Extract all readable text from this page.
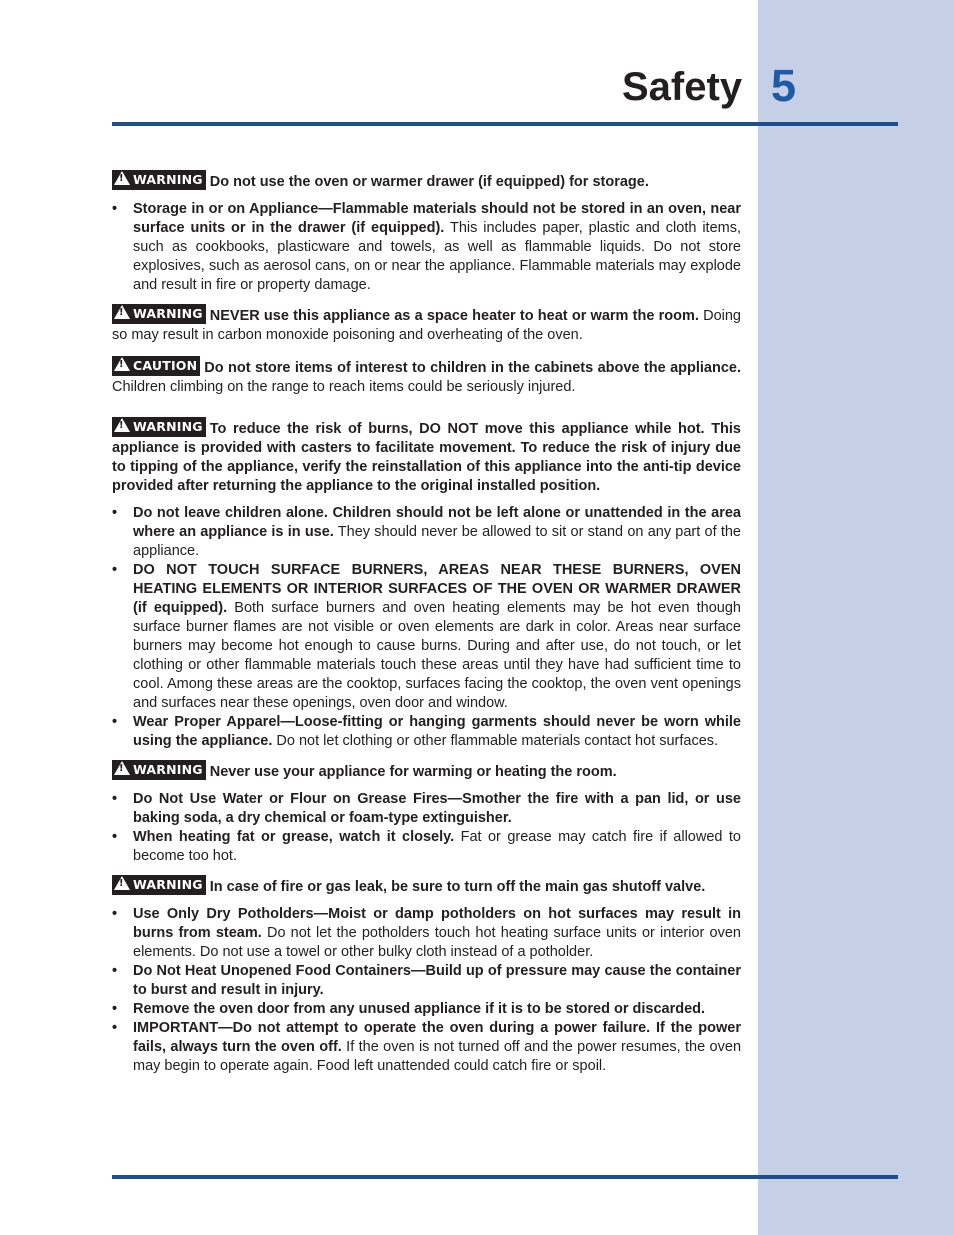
Safety 5

!WARNING Do not use the oven or warmer drawer (if equipped) for storage.

• Storage in or on Appliance—Flammable materials should not be stored in an oven, near surface units or in the drawer (if equipped). This includes paper, plastic and cloth items, such as cookbooks, plasticware and towels, as well as flammable liquids. Do not store explosives, such as aerosol cans, on or near the appliance. Flammable materials may explode and result in fire or property damage.

!WARNING NEVER use this appliance as a space heater to heat or warm the room. Doing so may result in carbon monoxide poisoning and overheating of the oven.

!CAUTION Do not store items of interest to children in the cabinets above the appliance. Children climbing on the range to reach items could be seriously injured.

!WARNING To reduce the risk of burns, DO NOT move this appliance while hot. This appliance is provided with casters to facilitate movement. To reduce the risk of injury due to tipping of the appliance, verify the reinstallation of this appliance into the anti-tip device provided after returning the appliance to the original installed position.

• Do not leave children alone. Children should not be left alone or unattended in the area where an appliance is in use. They should never be allowed to sit or stand on any part of the appliance.
• DO NOT TOUCH SURFACE BURNERS, AREAS NEAR THESE BURNERS, OVEN HEATING ELEMENTS OR INTERIOR SURFACES OF THE OVEN OR WARMER DRAWER (if equipped). Both surface burners and oven heating elements may be hot even though surface burner flames are not visible or oven elements are dark in color. Areas near surface burners may become hot enough to cause burns. During and after use, do not touch, or let clothing or other flammable materials touch these areas until they have had sufficient time to cool. Among these areas are the cooktop, surfaces facing the cooktop, the oven vent openings and surfaces near these openings, oven door and window.
• Wear Proper Apparel—Loose-fitting or hanging garments should never be worn while using the appliance. Do not let clothing or other flammable materials contact hot surfaces.

!WARNING Never use your appliance for warming or heating the room.

• Do Not Use Water or Flour on Grease Fires—Smother the fire with a pan lid, or use baking soda, a dry chemical or foam-type extinguisher.
• When heating fat or grease, watch it closely. Fat or grease may catch fire if allowed to become too hot.

!WARNING In case of fire or gas leak, be sure to turn off the main gas shutoff valve.

• Use Only Dry Potholders—Moist or damp potholders on hot surfaces may result in burns from steam. Do not let the potholders touch hot heating surface units or interior oven elements. Do not use a towel or other bulky cloth instead of a potholder.
• Do Not Heat Unopened Food Containers—Build up of pressure may cause the container to burst and result in injury.
• Remove the oven door from any unused appliance if it is to be stored or discarded.
• IMPORTANT—Do not attempt to operate the oven during a power failure. If the power fails, always turn the oven off. If the oven is not turned off and the power resumes, the oven may begin to operate again. Food left unattended could catch fire or spoil.
